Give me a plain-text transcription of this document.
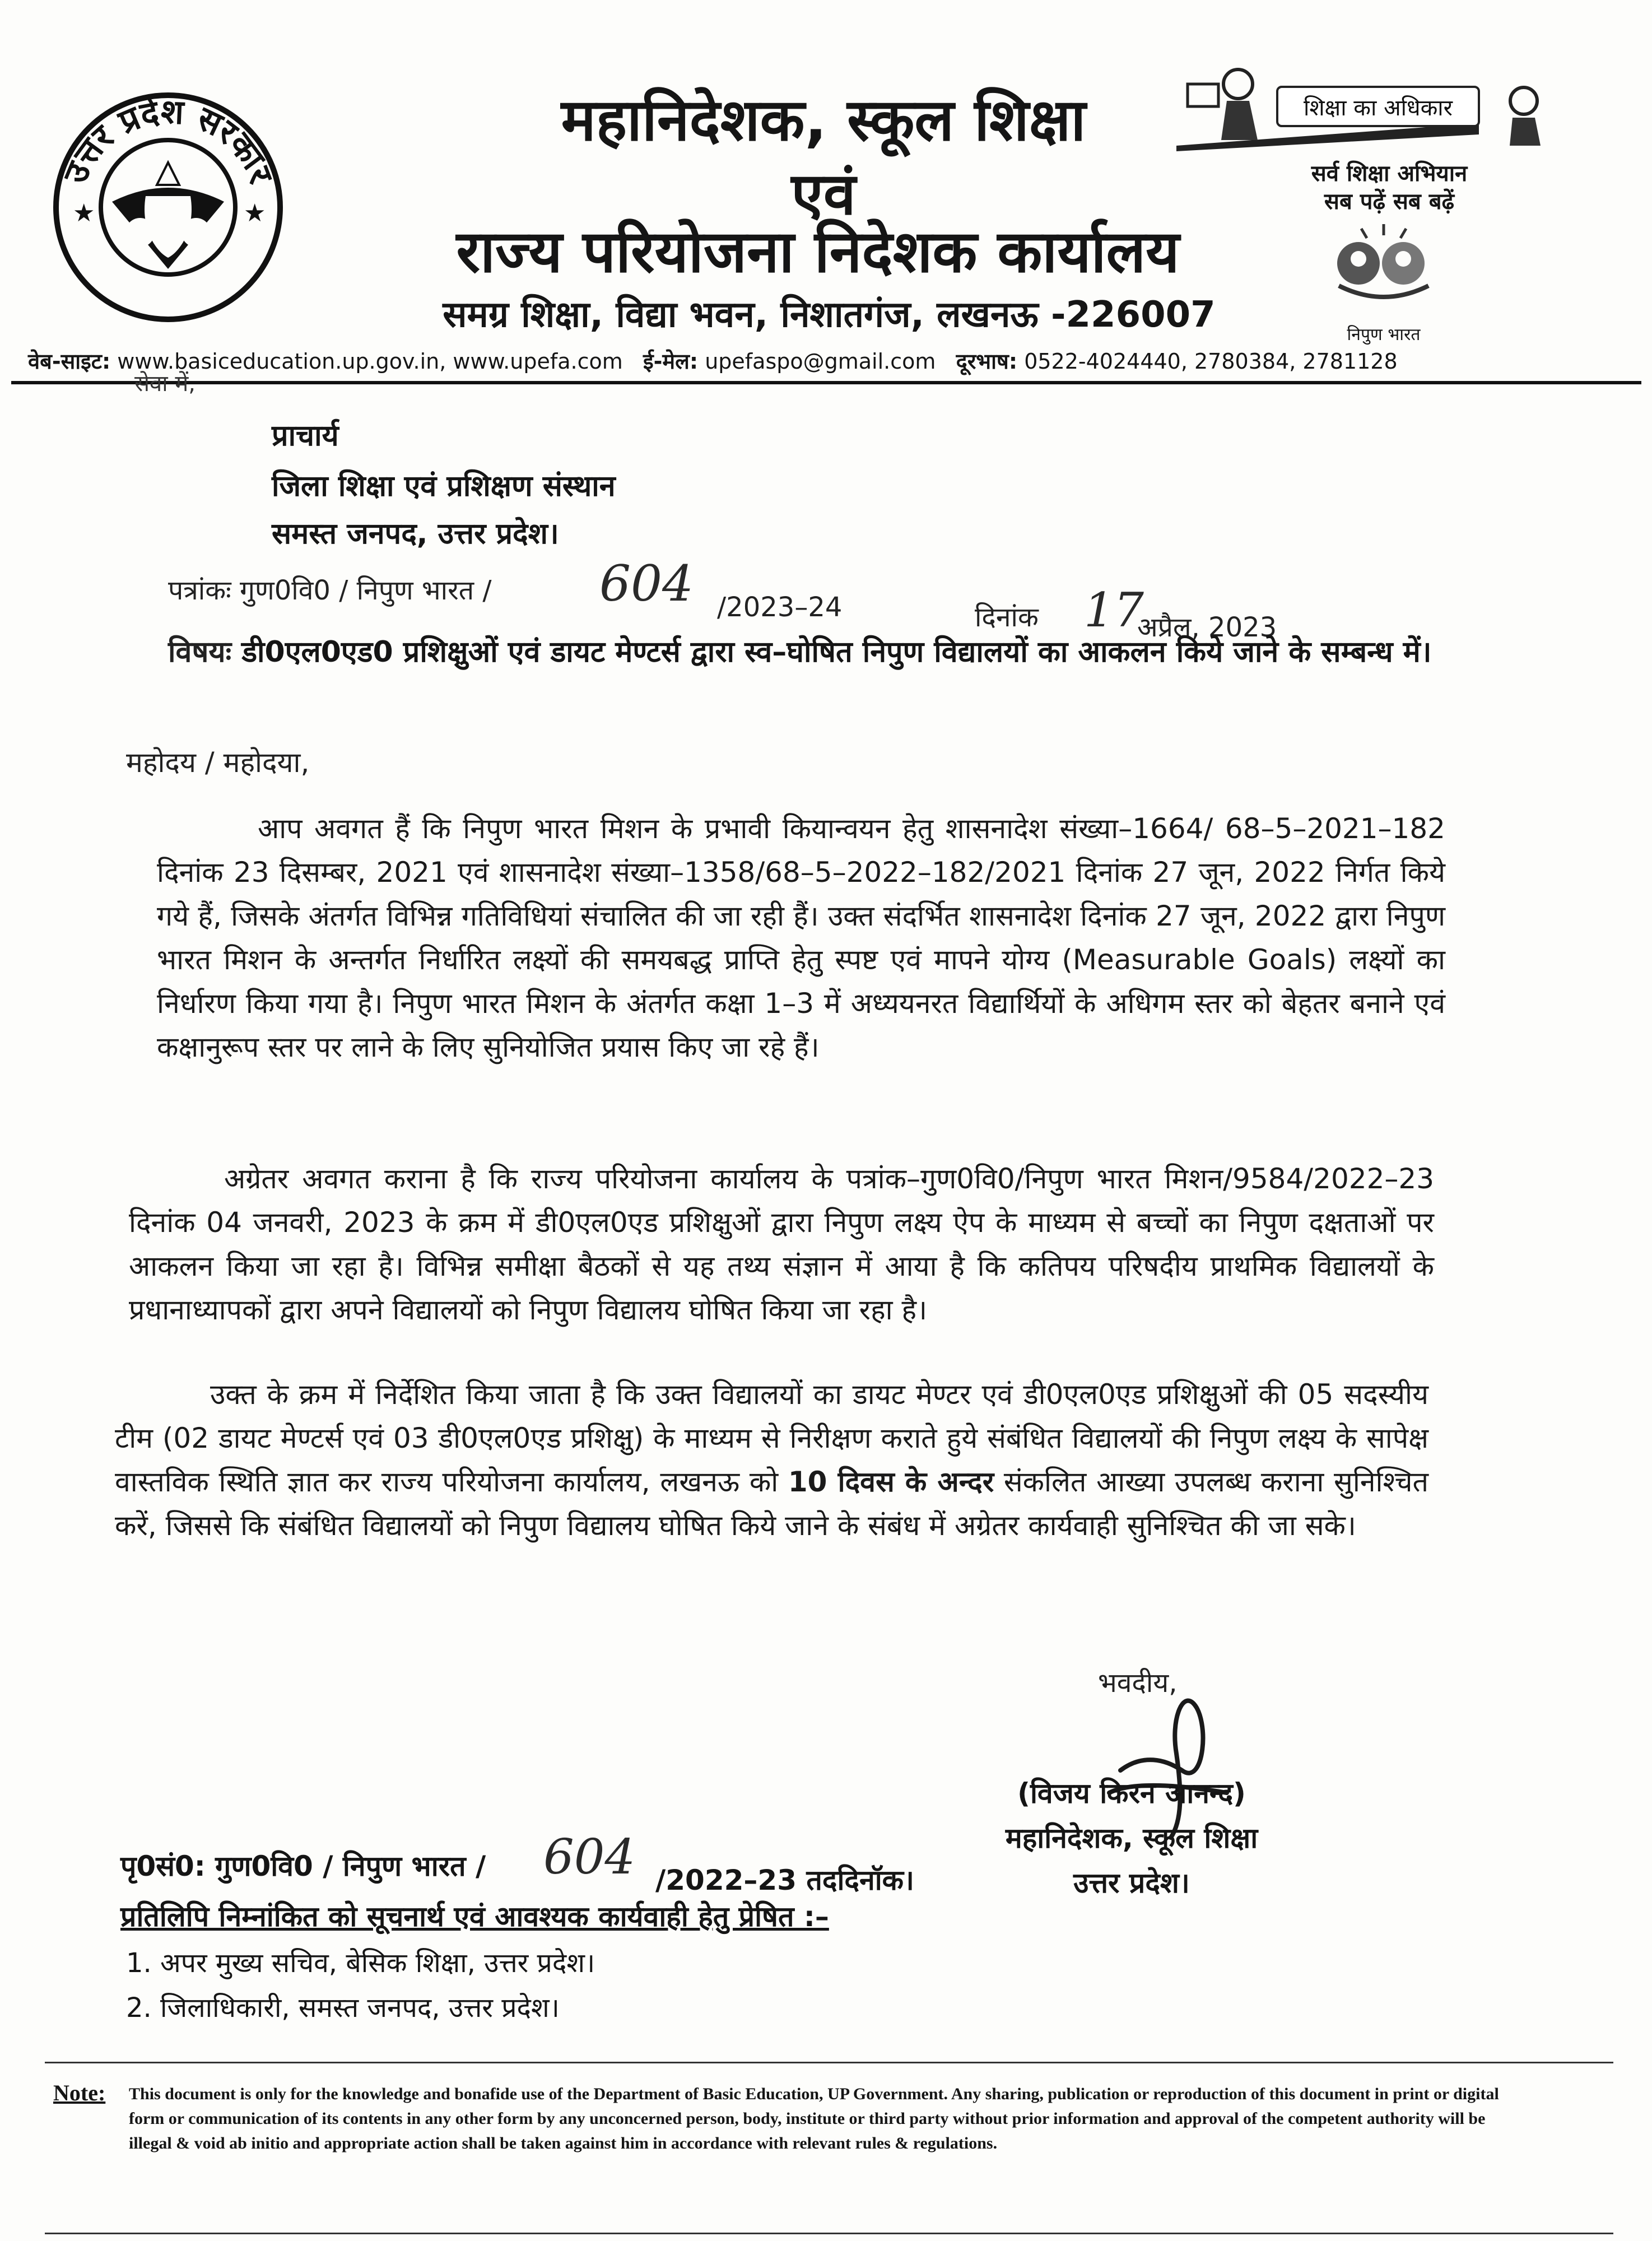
उत्तर प्रदेश सरकार
★	★
महानिदेशक, स्कूल शिक्षा
एवं
राज्य परियोजना निदेशक कार्यालय
समग्र शिक्षा, विद्या भवन, निशातगंज, लखनऊ -226007
शिक्षा का अधिकार
सर्व शिक्षा अभियान
सब पढ़ें सब बढ़ें
निपुण भारत
वेब-साइट: www.basiceducation.up.gov.in, www.upefa.com ई-मेल: upefaspo@gmail.com दूरभाष: 0522-4024440, 2780384, 2781128
सेवा में,
प्राचार्य
जिला शिक्षा एवं प्रशिक्षण संस्थान
समस्त जनपद, उत्तर प्रदेश।
पत्रांकः गुण0वि0 / निपुण भारत / 604 /2023–24	दिनांक 17
अप्रैल, 2023
विषयः डी0एल0एड0 प्रशिक्षुओं एवं डायट मेण्टर्स द्वारा स्व–घोषित निपुण विद्यालयों का आकलन किये जाने के सम्बन्ध में।
महोदय / महोदया,
आप अवगत हैं कि निपुण भारत मिशन के प्रभावी कियान्वयन हेतु शासनादेश संख्या–1664/ 68–5–2021–182 दिनांक 23 दिसम्बर, 2021 एवं शासनादेश संख्या–1358/68–5–2022–182/2021 दिनांक 27 जून, 2022 निर्गत किये गये हैं, जिसके अंतर्गत विभिन्न गतिविधियां संचालित की जा रही हैं। उक्त संदर्भित शासनादेश दिनांक 27 जून, 2022 द्वारा निपुण भारत मिशन के अन्तर्गत निर्धारित लक्ष्यों की समयबद्ध प्राप्ति हेतु स्पष्ट एवं मापने योग्य (Measurable Goals) लक्ष्यों का निर्धारण किया गया है। निपुण भारत मिशन के अंतर्गत कक्षा 1–3 में अध्ययनरत विद्यार्थियों के अधिगम स्तर को बेहतर बनाने एवं कक्षानुरूप स्तर पर लाने के लिए सुनियोजित प्रयास किए जा रहे हैं।
अग्रेतर अवगत कराना है कि राज्य परियोजना कार्यालय के पत्रांक–गुण0वि0/निपुण भारत मिशन/9584/2022–23 दिनांक 04 जनवरी, 2023 के क्रम में डी0एल0एड प्रशिक्षुओं द्वारा निपुण लक्ष्य ऐप के माध्यम से बच्चों का निपुण दक्षताओं पर आकलन किया जा रहा है। विभिन्न समीक्षा बैठकों से यह तथ्य संज्ञान में आया है कि कतिपय परिषदीय प्राथमिक विद्यालयों के प्रधानाध्यापकों द्वारा अपने विद्यालयों को निपुण विद्यालय घोषित किया जा रहा है।
उक्त के क्रम में निर्देशित किया जाता है कि उक्त विद्यालयों का डायट मेण्टर एवं डी0एल0एड प्रशिक्षुओं की 05 सदस्यीय टीम (02 डायट मेण्टर्स एवं 03 डी0एल0एड प्रशिक्षु) के माध्यम से निरीक्षण कराते हुये संबंधित विद्यालयों की निपुण लक्ष्य के सापेक्ष वास्तविक स्थिति ज्ञात कर राज्य परियोजना कार्यालय, लखनऊ को 10 दिवस के अन्दर संकलित आख्या उपलब्ध कराना सुनिश्चित करें, जिससे कि संबंधित विद्यालयों को निपुण विद्यालय घोषित किये जाने के संबंध में अग्रेतर कार्यवाही सुनिश्चित की जा सके।
भवदीय,
(विजय किरन आनन्द)
महानिदेशक, स्कूल शिक्षा
उत्तर प्रदेश।
पृ0सं0: गुण0वि0 / निपुण भारत / 604 /2022–23 तददिनॉक।
प्रतिलिपि निम्नांकित को सूचनार्थ एवं आवश्यक कार्यवाही हेतु प्रेषित :–
1. अपर मुख्य सचिव, बेसिक शिक्षा, उत्तर प्रदेश।
2. जिलाधिकारी, समस्त जनपद, उत्तर प्रदेश।
Note: This document is only for the knowledge and bonafide use of the Department of Basic Education, UP Government. Any sharing, publication or reproduction of this document in print or digital form or communication of its contents in any other form by any unconcerned person, body, institute or third party without prior information and approval of the competent authority will be illegal & void ab initio and appropriate action shall be taken against him in accordance with relevant rules & regulations.
